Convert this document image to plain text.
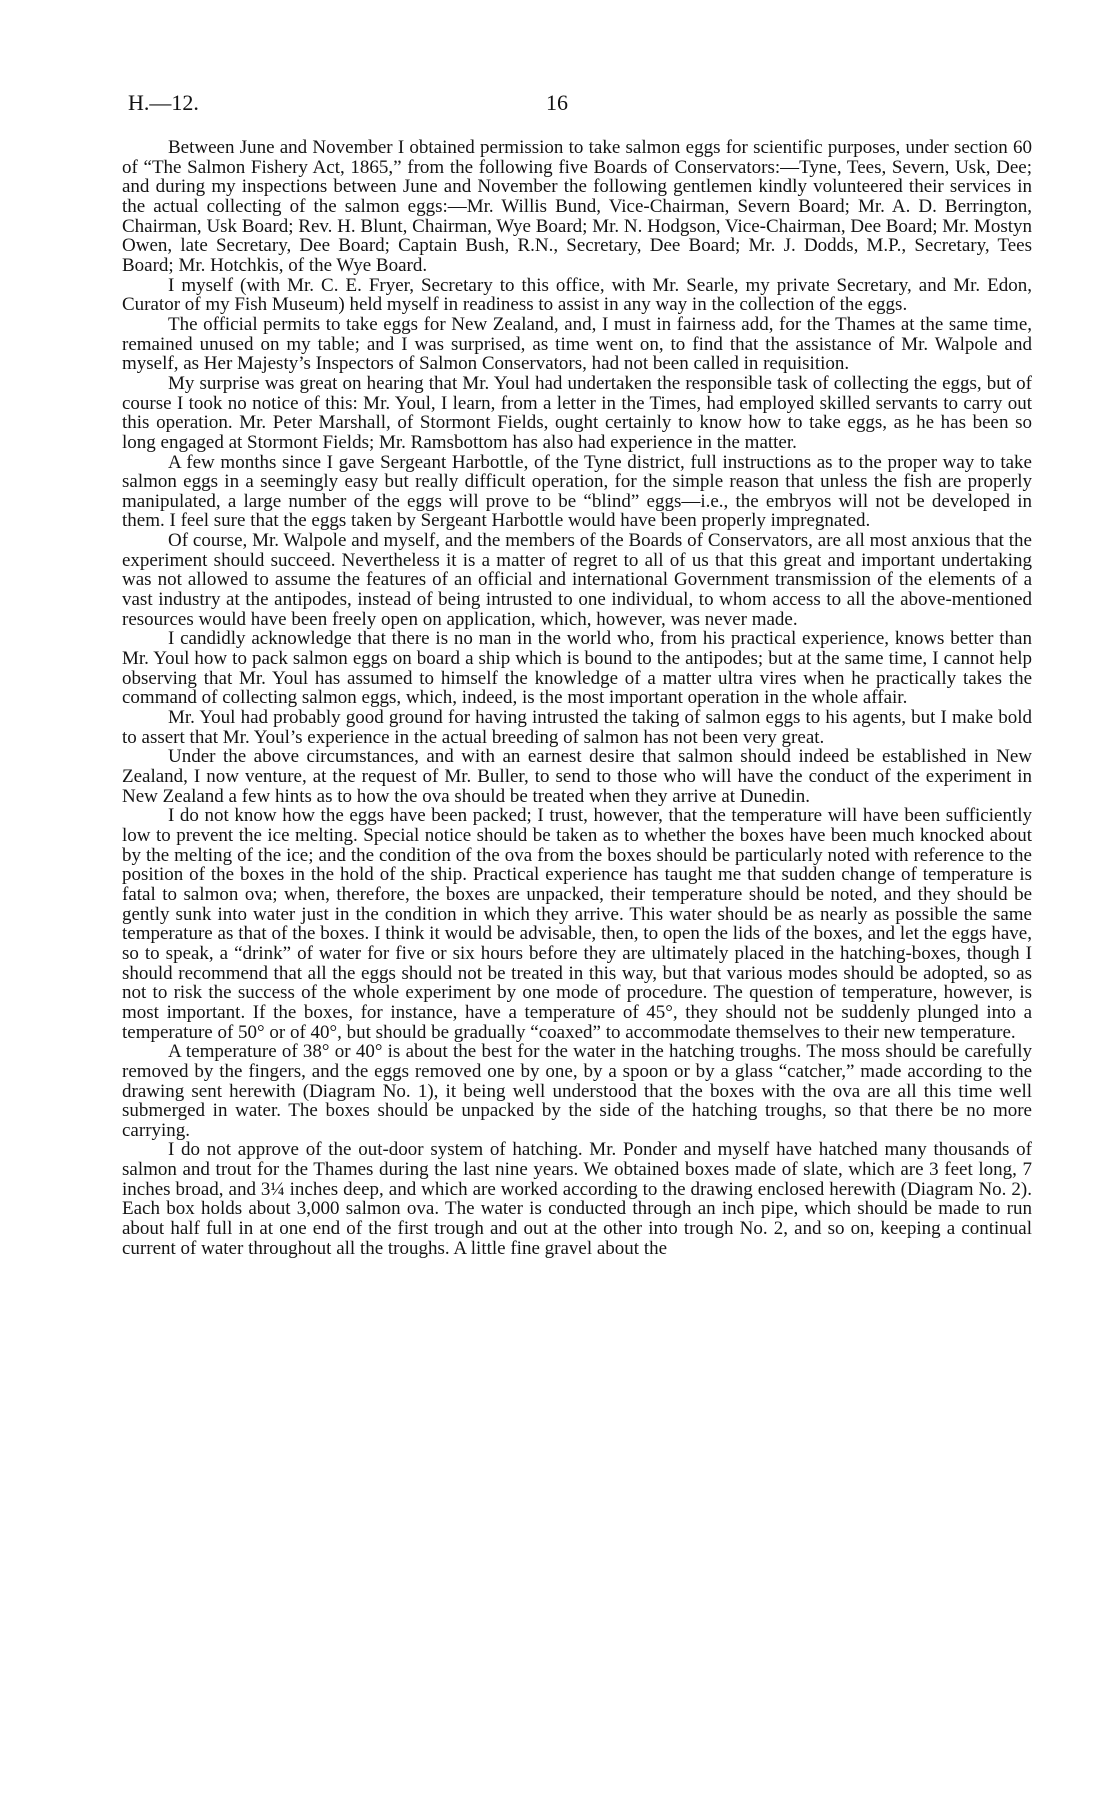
H.—12.	16

Between June and November I obtained permission to take salmon eggs for scientific purposes, under section 60 of “The Salmon Fishery Act, 1865,” from the following five Boards of Conservators:—Tyne, Tees, Severn, Usk, Dee; and during my inspections between June and November the following gentlemen kindly volunteered their services in the actual collecting of the salmon eggs:—Mr. Willis Bund, Vice-Chairman, Severn Board; Mr. A. D. Berrington, Chairman, Usk Board; Rev. H. Blunt, Chairman, Wye Board; Mr. N. Hodgson, Vice-Chairman, Dee Board; Mr. Mostyn Owen, late Secretary, Dee Board; Captain Bush, R.N., Secretary, Dee Board; Mr. J. Dodds, M.P., Secretary, Tees Board; Mr. Hotchkis, of the Wye Board.

I myself (with Mr. C. E. Fryer, Secretary to this office, with Mr. Searle, my private Secretary, and Mr. Edon, Curator of my Fish Museum) held myself in readiness to assist in any way in the collection of the eggs.

The official permits to take eggs for New Zealand, and, I must in fairness add, for the Thames at the same time, remained unused on my table; and I was surprised, as time went on, to find that the assistance of Mr. Walpole and myself, as Her Majesty’s Inspectors of Salmon Conservators, had not been called in requisition.

My surprise was great on hearing that Mr. Youl had undertaken the responsible task of collecting the eggs, but of course I took no notice of this: Mr. Youl, I learn, from a letter in the Times, had employed skilled servants to carry out this operation. Mr. Peter Marshall, of Stormont Fields, ought certainly to know how to take eggs, as he has been so long engaged at Stormont Fields; Mr. Ramsbottom has also had experience in the matter.

A few months since I gave Sergeant Harbottle, of the Tyne district, full instructions as to the proper way to take salmon eggs in a seemingly easy but really difficult operation, for the simple reason that unless the fish are properly manipulated, a large number of the eggs will prove to be “blind” eggs—i.e., the embryos will not be developed in them. I feel sure that the eggs taken by Sergeant Harbottle would have been properly impregnated.

Of course, Mr. Walpole and myself, and the members of the Boards of Conservators, are all most anxious that the experiment should succeed. Nevertheless it is a matter of regret to all of us that this great and important undertaking was not allowed to assume the features of an official and international Government transmission of the elements of a vast industry at the antipodes, instead of being intrusted to one individual, to whom access to all the above-mentioned resources would have been freely open on application, which, however, was never made.

I candidly acknowledge that there is no man in the world who, from his practical experience, knows better than Mr. Youl how to pack salmon eggs on board a ship which is bound to the antipodes; but at the same time, I cannot help observing that Mr. Youl has assumed to himself the knowledge of a matter ultra vires when he practically takes the command of collecting salmon eggs, which, indeed, is the most important operation in the whole affair.

Mr. Youl had probably good ground for having intrusted the taking of salmon eggs to his agents, but I make bold to assert that Mr. Youl’s experience in the actual breeding of salmon has not been very great.

Under the above circumstances, and with an earnest desire that salmon should indeed be established in New Zealand, I now venture, at the request of Mr. Buller, to send to those who will have the conduct of the experiment in New Zealand a few hints as to how the ova should be treated when they arrive at Dunedin.

I do not know how the eggs have been packed; I trust, however, that the temperature will have been sufficiently low to prevent the ice melting. Special notice should be taken as to whether the boxes have been much knocked about by the melting of the ice; and the condition of the ova from the boxes should be particularly noted with reference to the position of the boxes in the hold of the ship. Practical experience has taught me that sudden change of temperature is fatal to salmon ova; when, therefore, the boxes are unpacked, their temperature should be noted, and they should be gently sunk into water just in the condition in which they arrive. This water should be as nearly as possible the same temperature as that of the boxes. I think it would be advisable, then, to open the lids of the boxes, and let the eggs have, so to speak, a “drink” of water for five or six hours before they are ultimately placed in the hatching-boxes, though I should recommend that all the eggs should not be treated in this way, but that various modes should be adopted, so as not to risk the success of the whole experiment by one mode of procedure. The question of temperature, however, is most important. If the boxes, for instance, have a temperature of 45°, they should not be suddenly plunged into a temperature of 50° or of 40°, but should be gradually “coaxed” to accommodate themselves to their new temperature.

A temperature of 38° or 40° is about the best for the water in the hatching troughs. The moss should be carefully removed by the fingers, and the eggs removed one by one, by a spoon or by a glass “catcher,” made according to the drawing sent herewith (Diagram No. 1), it being well understood that the boxes with the ova are all this time well submerged in water. The boxes should be unpacked by the side of the hatching troughs, so that there be no more carrying.

I do not approve of the out-door system of hatching. Mr. Ponder and myself have hatched many thousands of salmon and trout for the Thames during the last nine years. We obtained boxes made of slate, which are 3 feet long, 7 inches broad, and 3¼ inches deep, and which are worked according to the drawing enclosed herewith (Diagram No. 2). Each box holds about 3,000 salmon ova. The water is conducted through an inch pipe, which should be made to run about half full in at one end of the first trough and out at the other into trough No. 2, and so on, keeping a continual current of water throughout all the troughs. A little fine gravel about the
